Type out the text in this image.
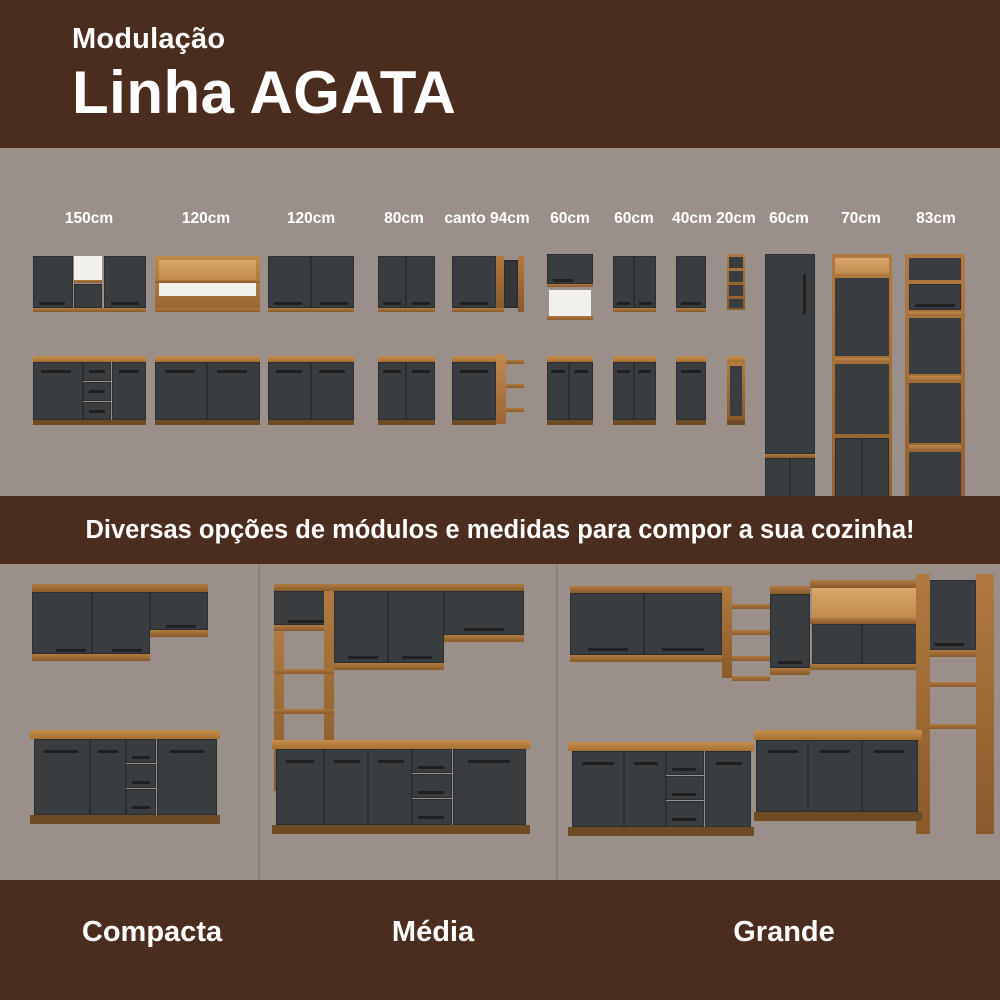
Modulação
Linha AGATA
150cm	120cm	120cm	80cm canto 94cm 60cm 60cm 40cm 20cm 60cm 70cm 83cm
Diversas opções de módulos e medidas para compor a sua cozinha!
Compacta	Média	Grande
